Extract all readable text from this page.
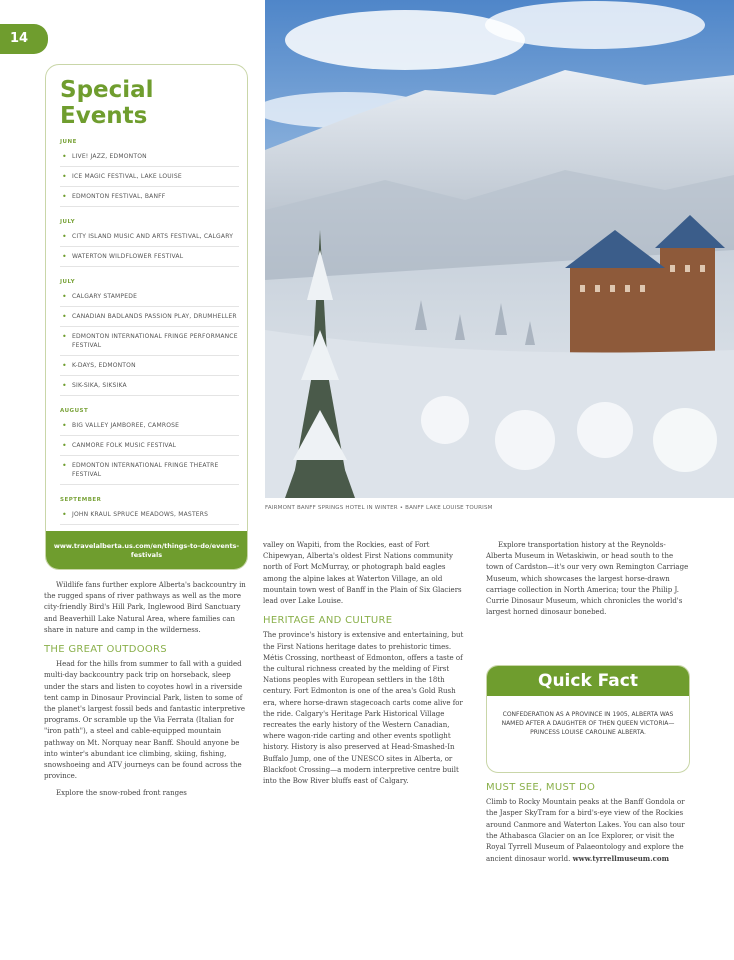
14
FAIRMONT BANFF SPRINGS HOTEL IN WINTER • BANFF LAKE LOUISE TOURISM
Special Events
JUNE
• LIVE! JAZZ, EDMONTON
• ICE MAGIC FESTIVAL, LAKE LOUISE
• EDMONTON FESTIVAL, BANFF
JULY
• CITY ISLAND MUSIC AND ARTS FESTIVAL, CALGARY
• WATERTON WILDFLOWER FESTIVAL
JULY
• CALGARY STAMPEDE
• CANADIAN BADLANDS PASSION PLAY, DRUMHELLER
• EDMONTON INTERNATIONAL FRINGE PERFORMANCE FESTIVAL
• K-DAYS, EDMONTON
• SIK-SIKA, SIKSIKA
AUGUST
• BIG VALLEY JAMBOREE, CAMROSE
• CANMORE FOLK MUSIC FESTIVAL
• EDMONTON INTERNATIONAL FRINGE THEATRE FESTIVAL
SEPTEMBER
• JOHN KRAUL SPRUCE MEADOWS, MASTERS
www.travelalberta.us.com/en/things-to-do/events-festivals

Wildlife fans further explore Alberta's backcountry in the rugged spans of river pathways as well as the more city-friendly Bird's Hill Park, Inglewood Bird Sanctuary and Beaverhill Lake Natural Area, where families can share in nature and camp in the wilderness.

THE GREAT OUTDOORS

Head for the hills from summer to fall with a guided multi-day backcountry pack trip on horseback, sleep under the stars and listen to coyotes howl in a riverside tent camp in Dinosaur Provincial Park, listen to some of the planet's largest fossil beds and fantastic interpretive programs. Or scramble up the Via Ferrata (Italian for "iron path"), a steel and cable-equipped mountain pathway on Mt. Norquay near Banff. Should anyone be into winter's abundant ice climbing, skiing, fishing, snowshoeing and ATV journeys can be found across the province.

Explore the snow-robed front ranges

valley on Wapiti, from the Rockies, east of Fort Chipewyan, Alberta's oldest First Nations community north of Fort McMurray, or photograph bald eagles among the alpine lakes at Waterton Village, an old mountain town west of Banff in the Plain of Six Glaciers lead over Lake Louise.

HERITAGE AND CULTURE

The province's history is extensive and entertaining, but the First Nations heritage dates to prehistoric times. Métis Crossing, northeast of Edmonton, offers a taste of the cultural richness created by the melding of First Nations peoples with European settlers in the 18th century. Fort Edmonton is one of the area's Gold Rush era, where horse-drawn stagecoach carts come alive for the ride. Calgary's Heritage Park Historical Village recreates the early history of the Western Canadian, where wagon-ride carting and other events spotlight history. History is also preserved at Head-Smashed-In Buffalo Jump, one of the UNESCO sites in Alberta, or Blackfoot Crossing—a modern interpretive centre built into the Bow River bluffs east of Calgary.

Explore transportation history at the Reynolds-Alberta Museum in Wetaskiwin, or head south to the town of Cardston—it's our very own Remington Carriage Museum, which showcases the largest horse-drawn carriage collection in North America; tour the Philip J. Currie Dinosaur Museum, which chronicles the world's largest horned dinosaur bonebed.

Quick Fact
CONFEDERATION AS A PROVINCE IN 1905, ALBERTA WAS NAMED AFTER A DAUGHTER OF THEN QUEEN VICTORIA—PRINCESS LOUISE CAROLINE ALBERTA.
MUST SEE, MUST DO

Climb to Rocky Mountain peaks at the Banff Gondola or the Jasper SkyTram for a bird's-eye view of the Rockies around Canmore and Waterton Lakes. You can also tour the Athabasca Glacier on an Ice Explorer, or visit the Royal Tyrrell Museum of Palaeontology and explore the ancient dinosaur world. www.tyrrellmuseum.com
